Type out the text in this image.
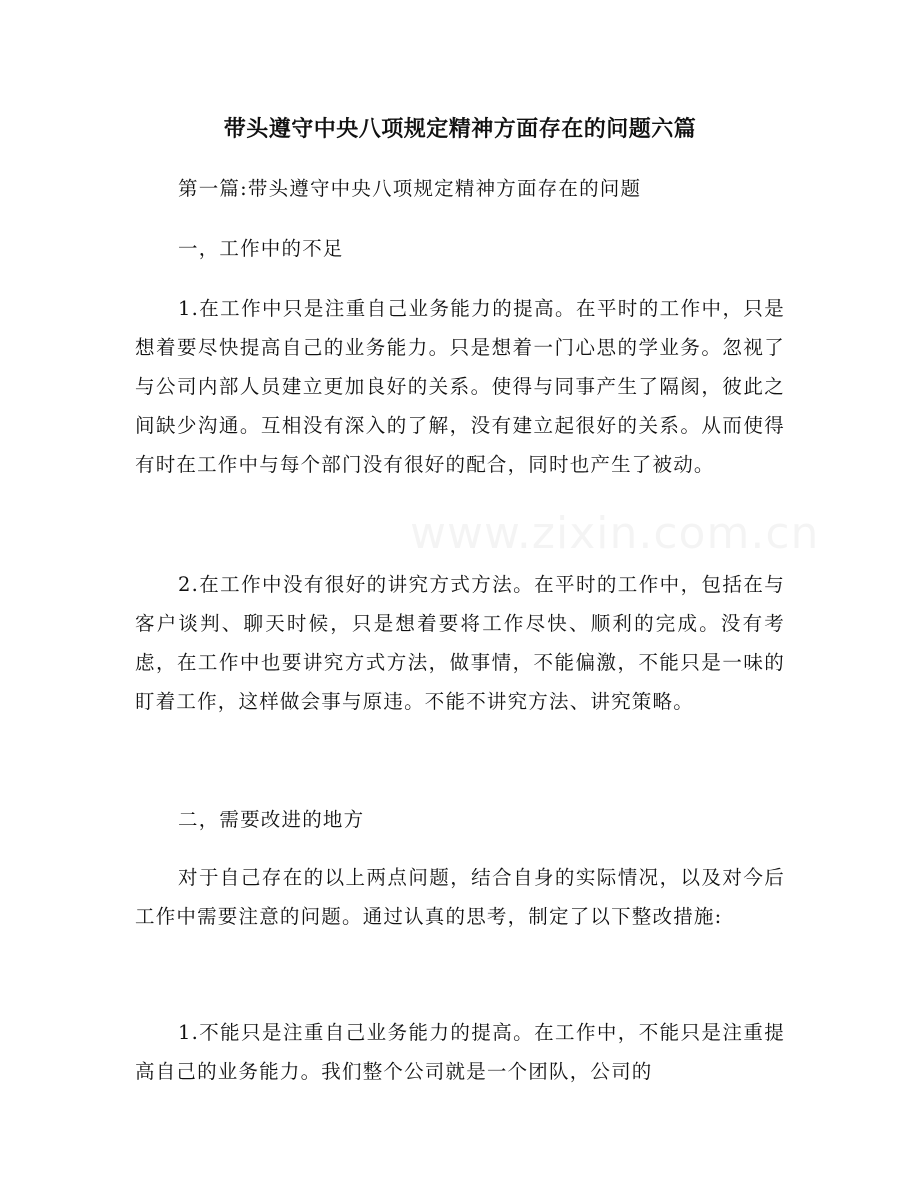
带头遵守中央八项规定精神方面存在的问题六篇

第一篇:带头遵守中央八项规定精神方面存在的问题

一，工作中的不足

1.在工作中只是注重自己业务能力的提高。在平时的工作中，只是想着要尽快提高自己的业务能力。只是想着一门心思的学业务。忽视了与公司内部人员建立更加良好的关系。使得与同事产生了隔阂，彼此之间缺少沟通。互相没有深入的了解，没有建立起很好的关系。从而使得有时在工作中与每个部门没有很好的配合，同时也产生了被动。

2.在工作中没有很好的讲究方式方法。在平时的工作中，包括在与客户谈判、聊天时候，只是想着要将工作尽快、顺利的完成。没有考虑，在工作中也要讲究方式方法，做事情，不能偏激，不能只是一味的盯着工作，这样做会事与原违。不能不讲究方法、讲究策略。

二，需要改进的地方

对于自己存在的以上两点问题，结合自身的实际情况，以及对今后工作中需要注意的问题。通过认真的思考，制定了以下整改措施:

1.不能只是注重自己业务能力的提高。在工作中，不能只是注重提高自己的业务能力。我们整个公司就是一个团队，公司的
